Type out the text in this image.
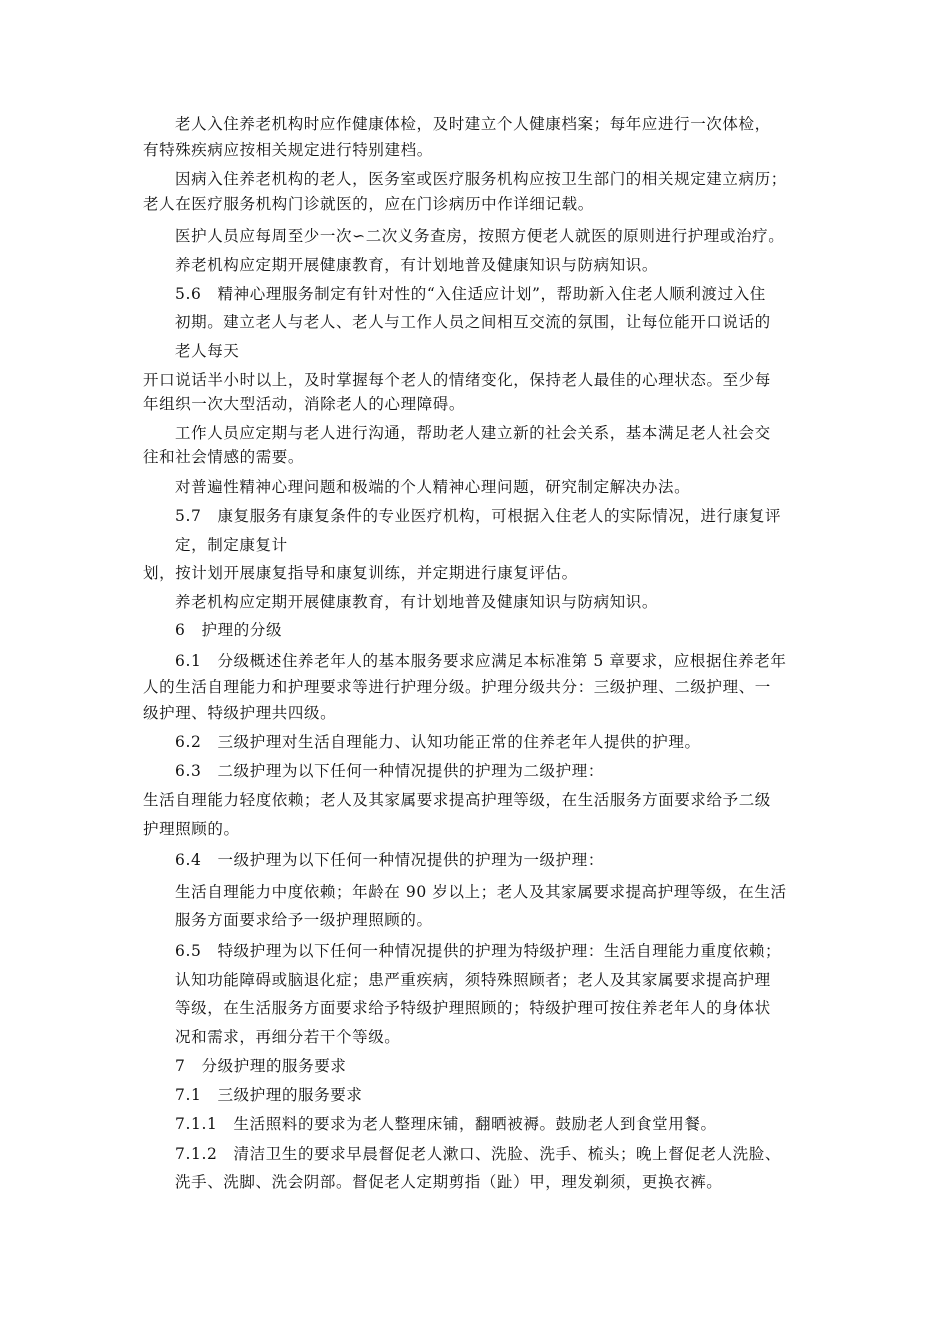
老人入住养老机构时应作健康体检，及时建立个人健康档案；每年应进行一次体检，
有特殊疾病应按相关规定进行特别建档。
因病入住养老机构的老人，医务室或医疗服务机构应按卫生部门的相关规定建立病历；
老人在医疗服务机构门诊就医的，应在门诊病历中作详细记载。
医护人员应每周至少一次∽二次义务查房，按照方便老人就医的原则进行护理或治疗。
养老机构应定期开展健康教育，有计划地普及健康知识与防病知识。
5.6　精神心理服务制定有针对性的“入住适应计划”，帮助新入住老人顺利渡过入住
初期。建立老人与老人、老人与工作人员之间相互交流的氛围，让每位能开口说话的
老人每天
开口说话半小时以上，及时掌握每个老人的情绪变化，保持老人最佳的心理状态。至少每
年组织一次大型活动，消除老人的心理障碍。
工作人员应定期与老人进行沟通，帮助老人建立新的社会关系，基本满足老人社会交
往和社会情感的需要。
对普遍性精神心理问题和极端的个人精神心理问题，研究制定解决办法。
5.7　康复服务有康复条件的专业医疗机构，可根据入住老人的实际情况，进行康复评
定，制定康复计
划，按计划开展康复指导和康复训练，并定期进行康复评估。
养老机构应定期开展健康教育，有计划地普及健康知识与防病知识。
6　护理的分级
6.1　分级概述住养老年人的基本服务要求应满足本标准第 5 章要求，应根据住养老年
人的生活自理能力和护理要求等进行护理分级。护理分级共分：三级护理、二级护理、一
级护理、特级护理共四级。
6.2　三级护理对生活自理能力、认知功能正常的住养老年人提供的护理。
6.3　二级护理为以下任何一种情况提供的护理为二级护理：
生活自理能力轻度依赖；老人及其家属要求提高护理等级，在生活服务方面要求给予二级
护理照顾的。
6.4　一级护理为以下任何一种情况提供的护理为一级护理：
生活自理能力中度依赖；年龄在 90 岁以上；老人及其家属要求提高护理等级，在生活
服务方面要求给予一级护理照顾的。
6.5　特级护理为以下任何一种情况提供的护理为特级护理：生活自理能力重度依赖；
认知功能障碍或脑退化症；患严重疾病，须特殊照顾者；老人及其家属要求提高护理
等级，在生活服务方面要求给予特级护理照顾的；特级护理可按住养老年人的身体状
况和需求，再细分若干个等级。
7　分级护理的服务要求
7.1　三级护理的服务要求
7.1.1　生活照料的要求为老人整理床铺，翻晒被褥。鼓励老人到食堂用餐。
7.1.2　清洁卫生的要求早晨督促老人漱口、洗脸、洗手、梳头；晚上督促老人洗脸、
洗手、洗脚、洗会阴部。督促老人定期剪指（趾）甲，理发剃须，更换衣裤。
